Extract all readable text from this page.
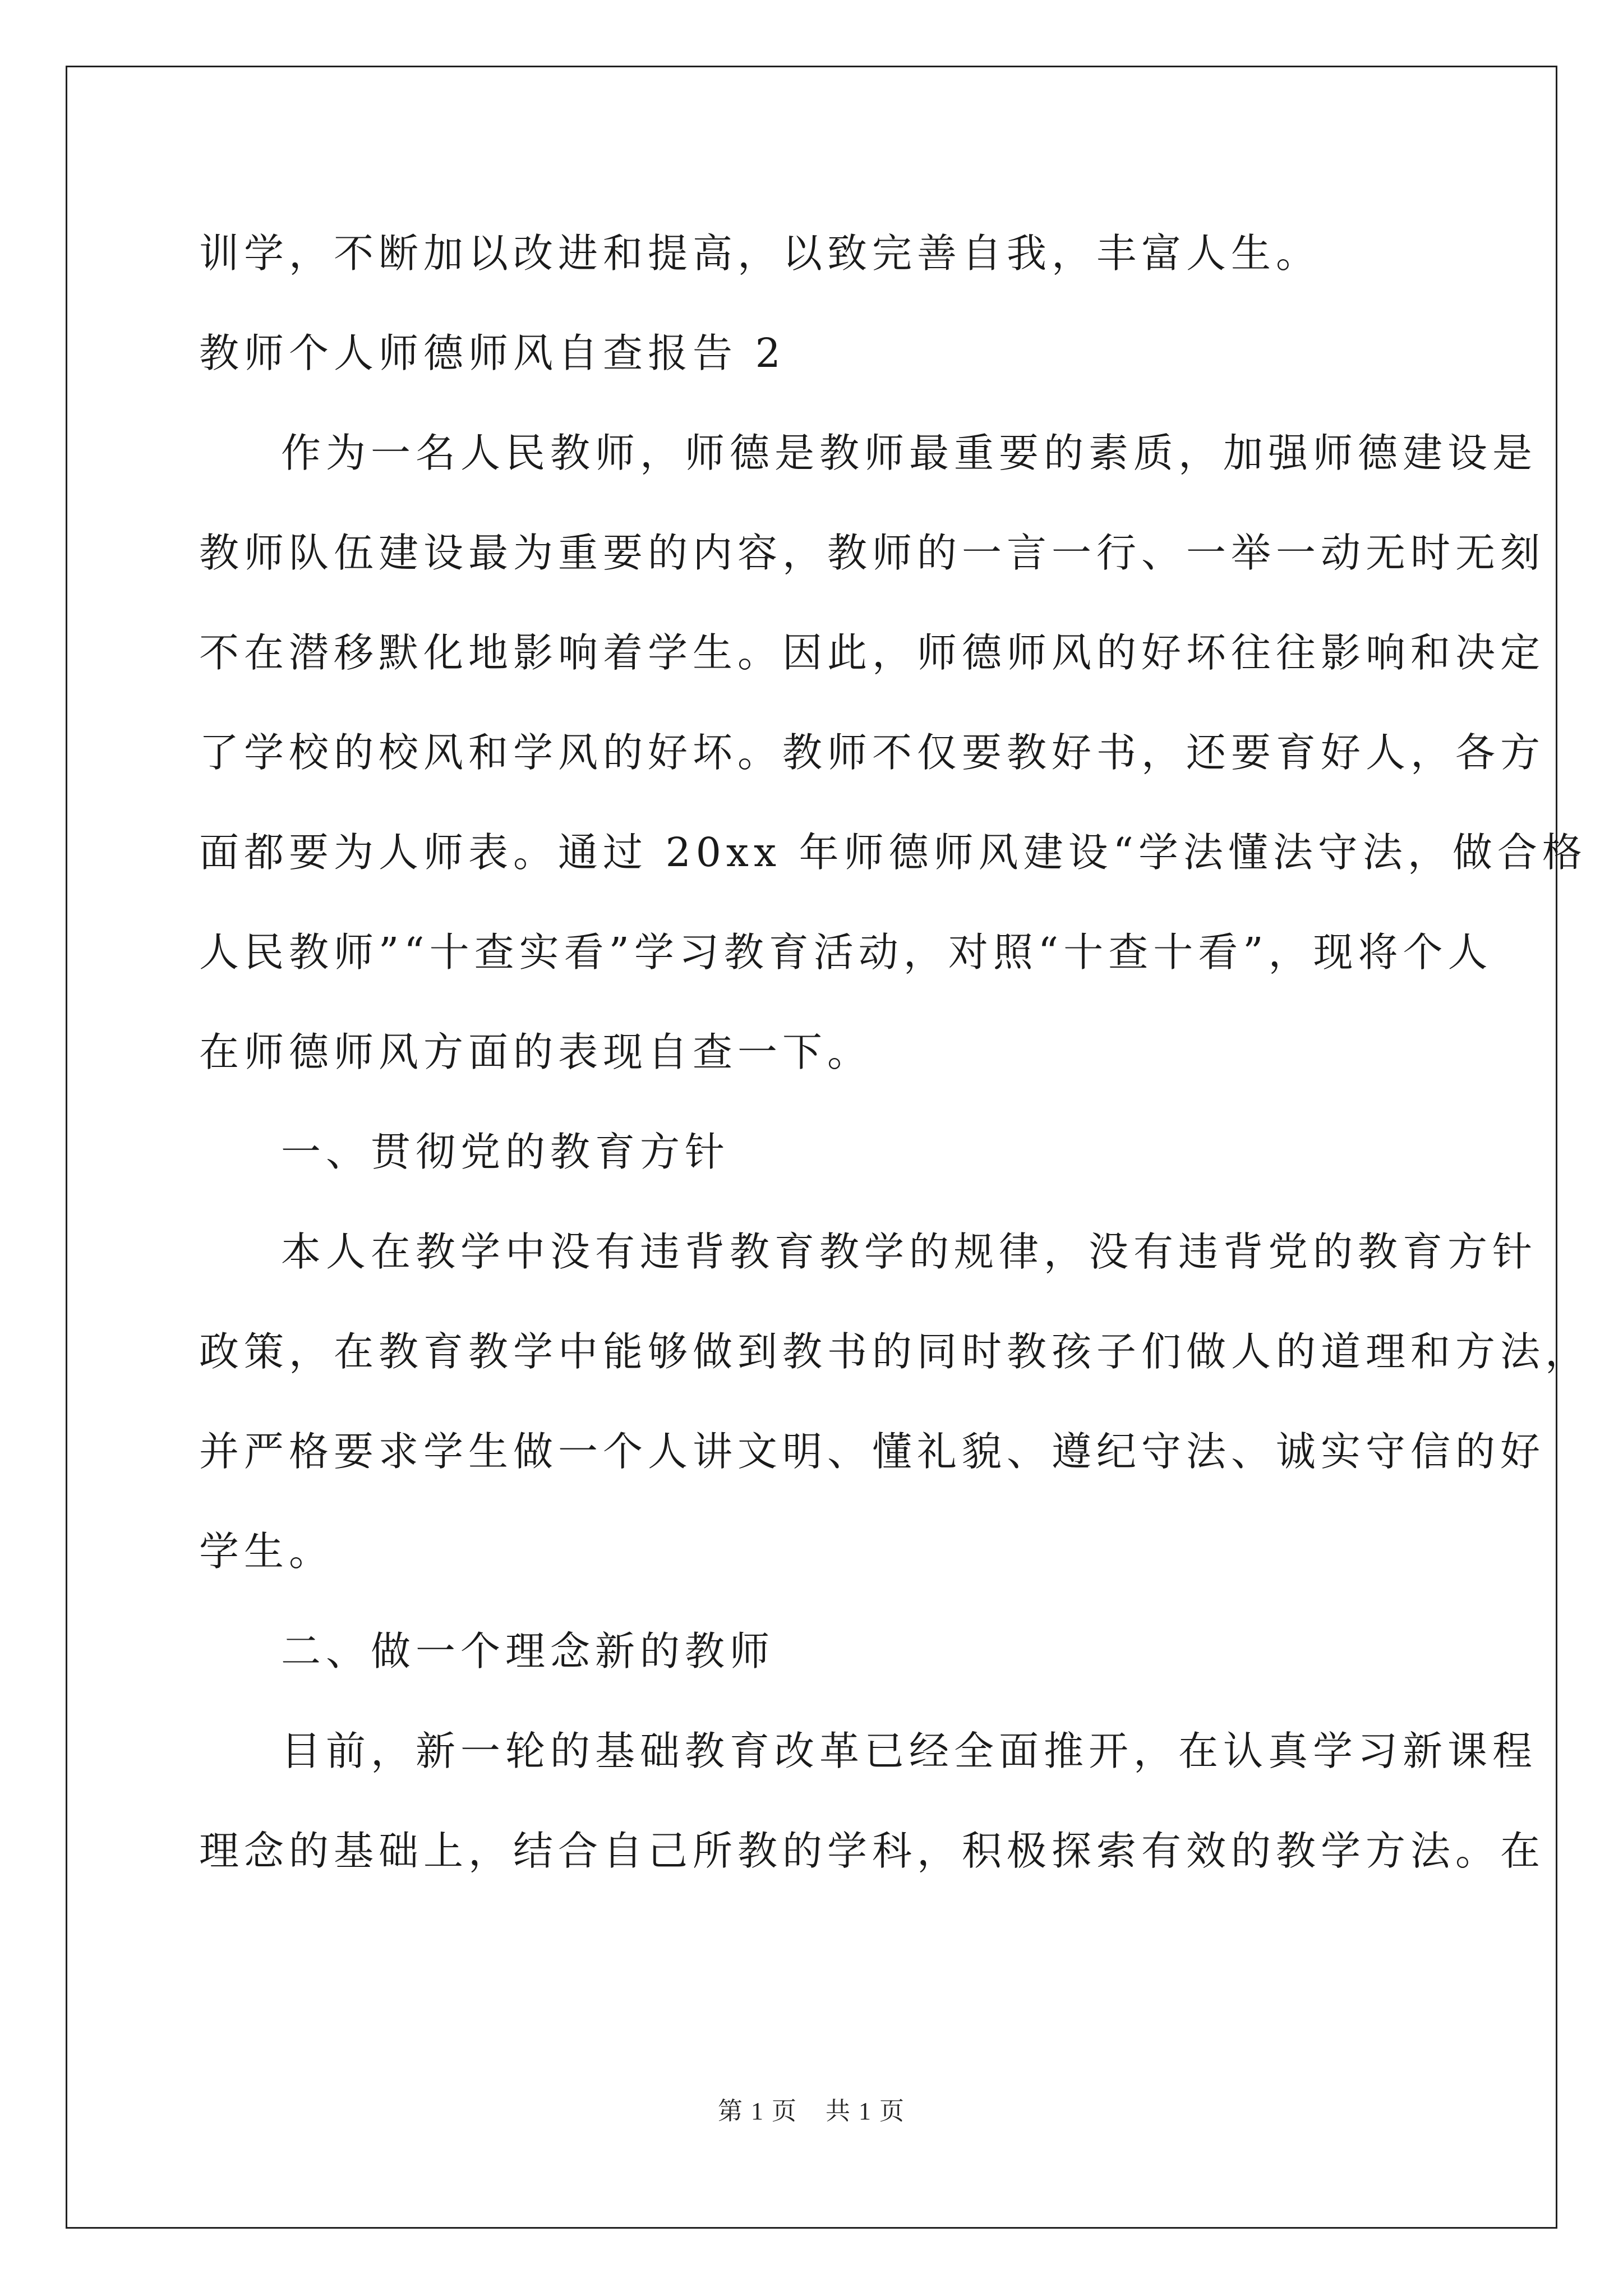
训学，不断加以改进和提高，以致完善自我，丰富人生。
教师个人师德师风自查报告 2
作为一名人民教师，师德是教师最重要的素质，加强师德建设是
教师队伍建设最为重要的内容，教师的一言一行、一举一动无时无刻
不在潜移默化地影响着学生。因此，师德师风的好坏往往影响和决定
了学校的校风和学风的好坏。教师不仅要教好书，还要育好人，各方
面都要为人师表。通过 20xx 年师德师风建设“学法懂法守法，做合格
人民教师”“十查实看”学习教育活动，对照“十查十看”，现将个人
在师德师风方面的表现自查一下。
一、贯彻党的教育方针
本人在教学中没有违背教育教学的规律，没有违背党的教育方针
政策，在教育教学中能够做到教书的同时教孩子们做人的道理和方法，
并严格要求学生做一个人讲文明、懂礼貌、遵纪守法、诚实守信的好
学生。
二、做一个理念新的教师
目前，新一轮的基础教育改革已经全面推开，在认真学习新课程
理念的基础上，结合自己所教的学科，积极探索有效的教学方法。在
第 1 页 共 1 页
